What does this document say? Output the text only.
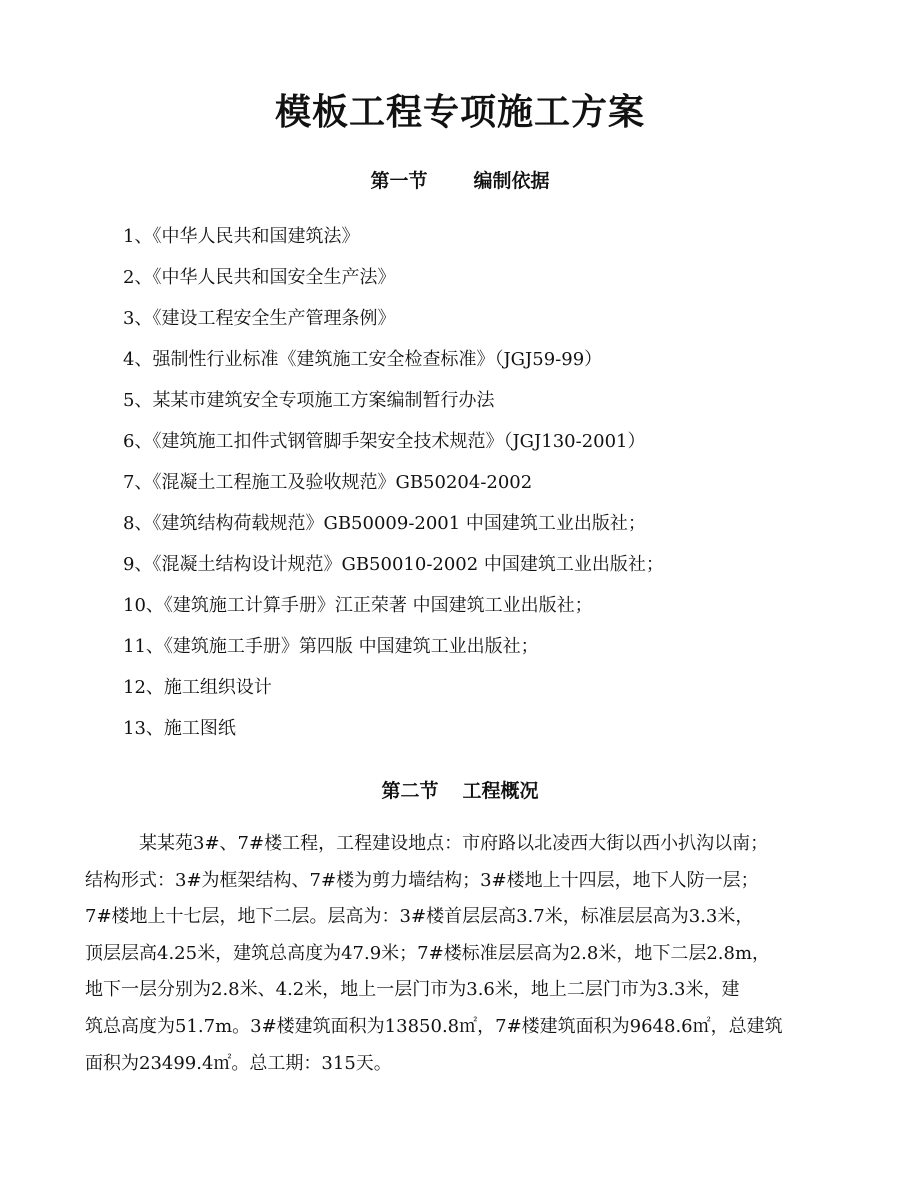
模板工程专项施工方案
第一节 编制依据
1、《中华人民共和国建筑法》
2、《中华人民共和国安全生产法》
3、《建设工程安全生产管理条例》
4、强制性行业标准《建筑施工安全检查标准》（JGJ59-99）
5、某某市建筑安全专项施工方案编制暂行办法
6、《建筑施工扣件式钢管脚手架安全技术规范》（JGJ130-2001）
7、《混凝土工程施工及验收规范》GB50204-2002
8、《建筑结构荷载规范》GB50009-2001 中国建筑工业出版社；
9、《混凝土结构设计规范》GB50010-2002 中国建筑工业出版社；
10、《建筑施工计算手册》江正荣著 中国建筑工业出版社；
11、《建筑施工手册》第四版 中国建筑工业出版社；
12、施工组织设计
13、施工图纸
第二节 工程概况

某某苑3#、7#楼工程，工程建设地点：市府路以北凌西大街以西小扒沟以南；
结构形式：3#为框架结构、7#楼为剪力墙结构；3#楼地上十四层，地下人防一层；
7#楼地上十七层，地下二层。层高为：3#楼首层层高3.7米，标准层层高为3.3米，
顶层层高4.25米，建筑总高度为47.9米；7#楼标准层层高为2.8米，地下二层2.8m，
地下一层分别为2.8米、4.2米，地上一层门市为3.6米，地上二层门市为3.3米，建
筑总高度为51.7m。3#楼建筑面积为13850.8㎡，7#楼建筑面积为9648.6㎡，总建筑
面积为23499.4㎡。总工期：315天。
